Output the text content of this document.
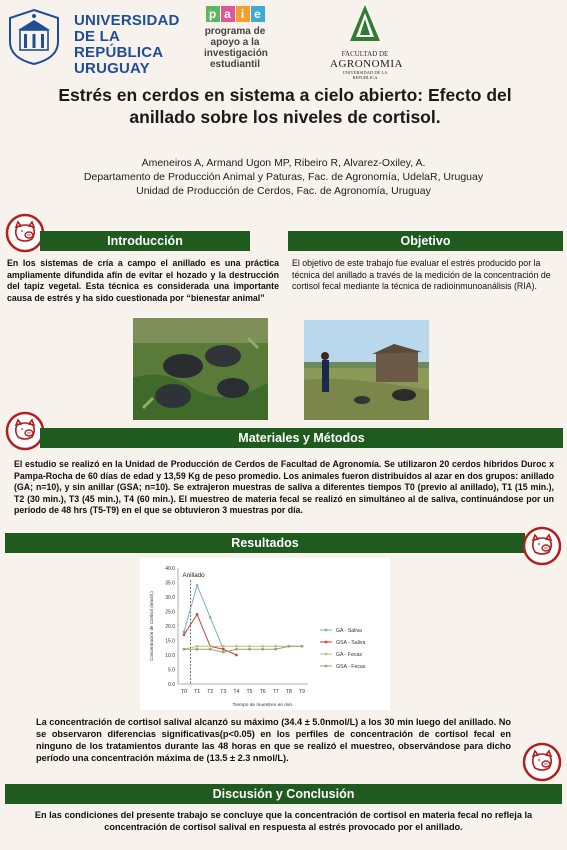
UNIVERSIDAD
DE LA REPÚBLICA
URUGUAY
p a i e
programa de
apoyo a la
investigación
estudiantil
FACULTAD DE
AGRONOMIA
UNIVERSIDAD DE LA REPUBLICA
Estrés en cerdos en sistema a cielo abierto: Efecto del
anillado sobre los niveles de cortisol.
Ameneiros A, Armand Ugon MP, Ribeiro R, Alvarez-Oxiley, A.
Departamento de Producción Animal y Paturas, Fac. de Agronomía, UdelaR, Uruguay
Unidad de Producción de Cerdos, Fac. de Agronomía, Uruguay
Introducción	Objetivo
En los sistemas de cría a campo el anillado es una práctica ampliamente difundida afín de evitar el hozado y la destrucción del tapiz vegetal. Esta técnica es considerada una importante causa de estrés y ha sido cuestionada por “bienestar animal”
El objetivo de este trabajo fue evaluar el estrés producido por la técnica del anillado a través de la medición de la concentración de cortisol fecal mediante la técnica de radioinmunoanálisis (RIA).
Materiales y Métodos
El estudio se realizó en la Unidad de Producción de Cerdos de Facultad de Agronomía. Se utilizaron 20 cerdos híbridos Duroc x Pampa-Rocha de 60 días de edad y 13,59 Kg de peso promedio. Los animales fueron distribuidos al azar en dos grupos: anillado (GA; n=10), y sin anillar (GSA; n=10). Se extrajeron muestras de saliva a diferentes tiempos T0 (previo al anillado), T1 (15 min.), T2 (30 min.), T3 (45 min.), T4 (60 min.). El muestreo de materia fecal se realizó en simultáneo al de saliva, continuándose por un período de 48 hrs (T5-T9) en el que se obtuvieron 3 muestras por día.
Resultados
0.0
5.0
10.0
15.0
20.0
25.0
30.0
35.0
40.0
T0 T1 T2 T3 T4 T5 T6 T7 T8 T9
Concentración de Cortisol (nmol/L)
Tiempo de muestreo en min.
Anillado
GA - Saliva
GSA - Saliva
GA - Fecas
GSA - Fecas
La concentración de cortisol salival alcanzó su máximo (34.4 ± 5.0nmol/L) a los 30 min luego del anillado. No se observaron diferencias significativas(p<0.05) en los perfiles de concentración de cortisol fecal en ninguno de los tratamientos durante las 48 horas en que se realizó el muestreo, observándose para dicho período una concentración máxima de (13.5 ± 2.3 nmol/L).
Discusión y Conclusión
En las condiciones del presente trabajo se concluye que la concentración de cortisol en materia fecal no refleja la concentración de cortisol salival en respuesta al estrés provocado por el anillado.
